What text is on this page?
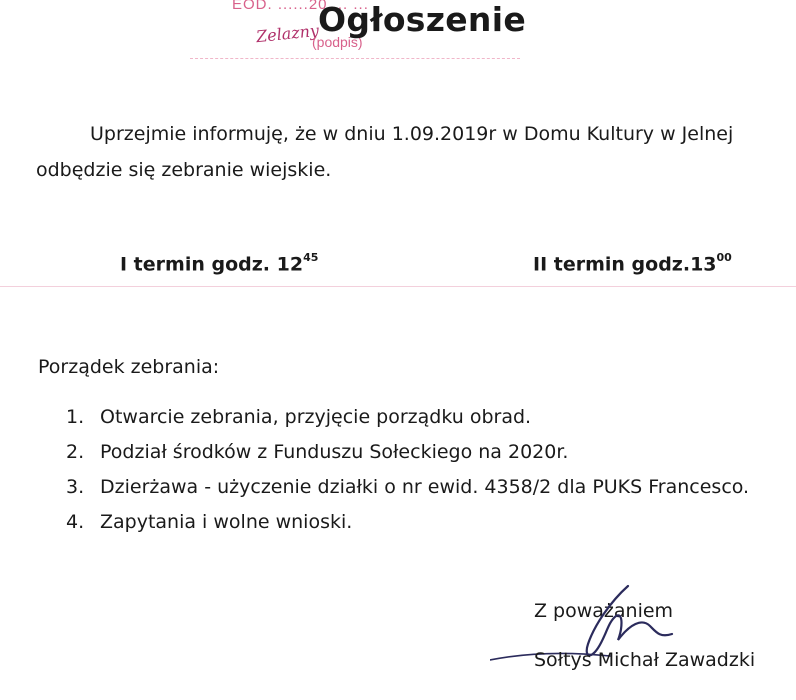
EOD. ......20 ... ...
Zelazny
(podpis)
Ogłoszenie

Uprzejmie informuję, że w dniu 1.09.2019r w Domu Kultury w Jelnej

odbędzie się zebranie wiejskie.

I termin godz. $12^{45}$	II termin $godz.13^{00}$
Porządek zebrania:
1. Otwarcie zebrania, przyjęcie porządku obrad.
2. Podział środków z Funduszu Sołeckiego na 2020r.
3. Dzierżawa - użyczenie działki o nr ewid. 4358/2 dla PUKS Francesco.
4. Zapytania i wolne wnioski.
Z poważaniem
Sołtys Michał Zawadzki
